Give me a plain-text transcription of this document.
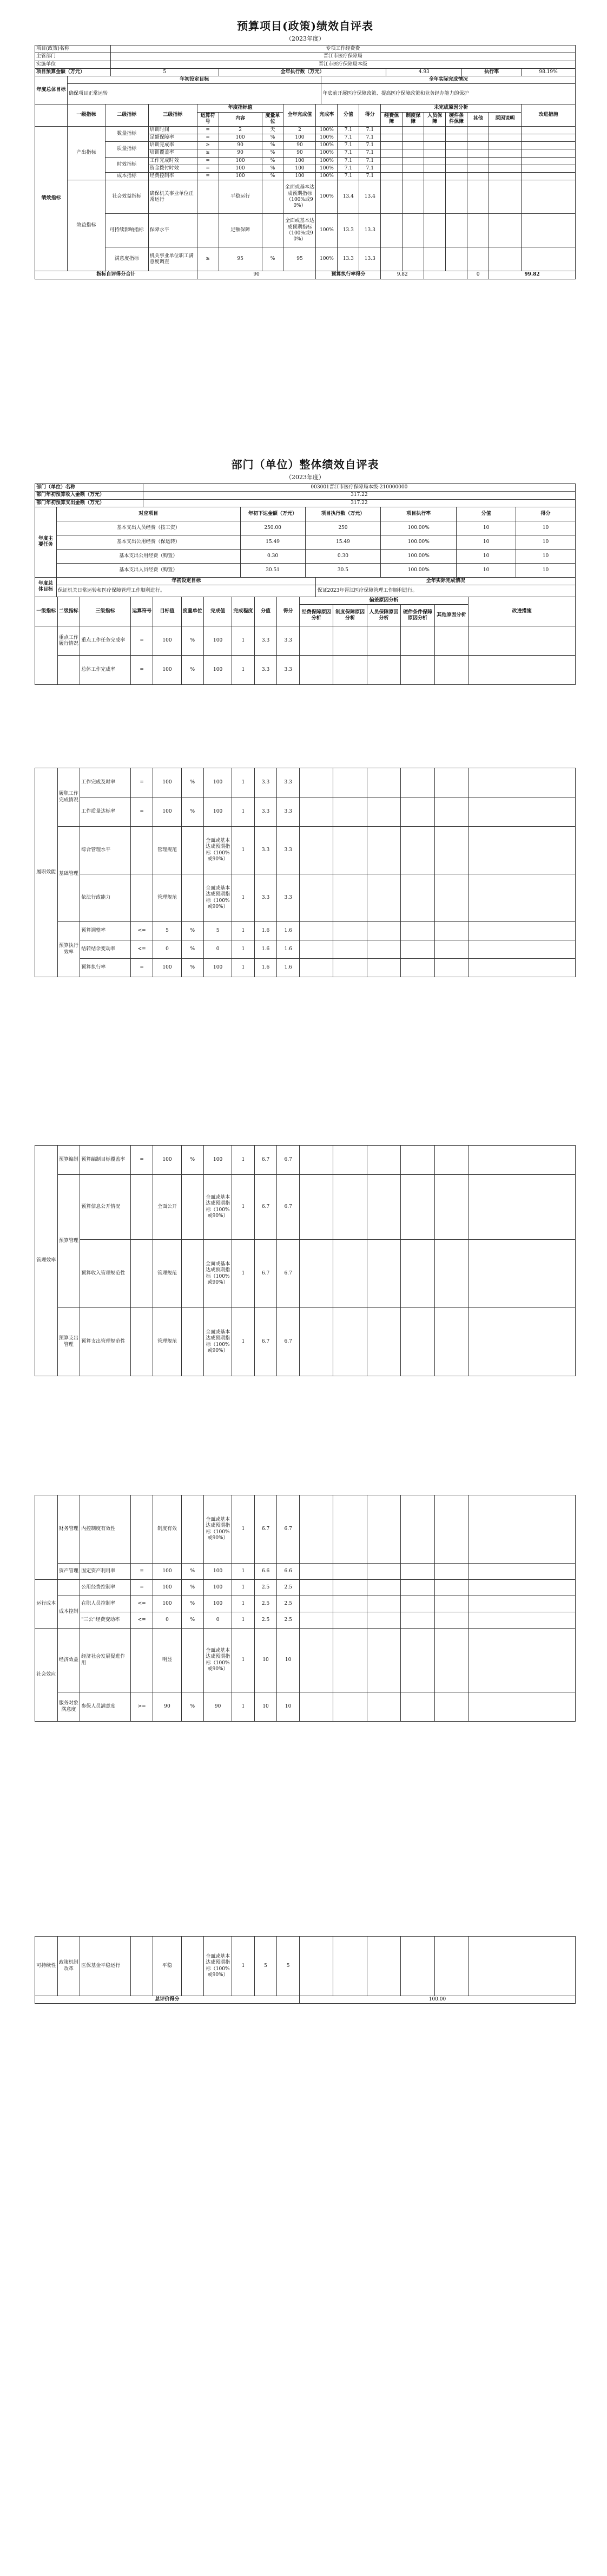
预算项目(政策)绩效自评表
（2023年度）
项目(政策)名称	专项工作经费费				
主管部门	晋江市医疗保障局				
实施单位	晋江市医疗保障局本级				
项目预算金额（万元）	5	全年执行数（万元）	4.93	执行率	98.19%
年度总体目标	年初设定目标	全年实际完成情况
	确保项目正常运转	年底前开展医疗保障政策、提高医疗保障政策和业务经办能力的保护
	一级指标	二级指标	三级指标	年度指标值			全年完成值	完成率	分值	得分	未完成原因分析						改进措施
				运算符号	内容	度量单位					经费保障	制度保障	人员保障	硬件条件保障	其他	原因说明	
绩效指标	产出指标	数量指标	培训时间	=	2	天	2	100%	7.1	7.1							
			足额保障率	=	100	%	100	100%	7.1	7.1							
		质量指标	培训完成率	≥	90	%	90	100%	7.1	7.1							
			培训覆盖率	≥	90	%	90	100%	7.1	7.1							
		时效指标	工作完成时效	=	100	%	100	100%	7.1	7.1							
			资金拨付时效	=	100	%	100	100%	7.1	7.1							
		成本指标	经费控制率	=	100	%	100	100%	7.1	7.1							
	效益指标	社会效益指标	确保机关事业单位正常运行		平稳运行		全面或基本达成预期指标（100%或90%）	100%	13.4	13.4							
		可持续影响指标	保障水平		足额保障		全面或基本达成预期指标（100%或90%）	100%	13.3	13.3							
		满意度指标	机关事业单位职工满意度调查	≥	95	%	95	100%	13.3	13.3							
指标自评得分合计				90				预算执行率得分			9.82				0	99.82	
部门（单位）整体绩效自评表
（2023年度）
部门（单位）名称	003001晋江市医疗保障局本级-210000000
部门年初预算收入金额（万元）	317.22
部门年初预算支出金额（万元）	317.22
年度主要任务	对应项目	年初下达金额（万元）	项目执行数（万元）	项目执行率	分值	得分
	基本支出人员经费（按工资）	250.00	250	100.00%	10	10
	基本支出公用经费（保运转）	15.49	15.49	100.00%	10	10
	基本支出公用经费（购置）	0.30	0.30	100.00%	10	10
	基本支出人员经费（购置）	30.51	30.5	100.00%	10	10
年度总体目标	年初设定目标	全年实际完成情况
	保证机关日常运转和医疗保障管理工作顺利进行。	保证2023年晋江医疗保障管理工作顺利进行。
一级指标	二级指标	三级指标	运算符号	目标值	度量单位	完成值	完成程度	分值	得分	偏差原因分析					改进措施
										经费保障原因分析	制度保障原因分析	人员保障原因分析	硬件条件保障原因分析	其他原因分析	
	重点工作履行情况	重点工作任务完成率	=	100	%	100	1	3.3	3.3						
		总体工作完成率	=	100	%	100	1	3.3	3.3						
履职效能	履职工作完成情况	工作完成及时率	=	100	%	100	1	3.3	3.3						
		工作质量达标率	=	100	%	100	1	3.3	3.3						
	基础管理	综合管理水平		管理规范		全面或基本达成预期指标（100%或90%）	1	3.3	3.3						
		依法行政能力		管理规范		全面或基本达成预期指标（100%或90%）	1	3.3	3.3						
	预算执行效率	预算调整率	<=	5	%	5	1	1.6	1.6						
		结转结余变动率	<=	0	%	0	1	1.6	1.6						
		预算执行率	=	100	%	100	1	1.6	1.6						
管理效率	预算编制	预算编制目标覆盖率	=	100	%	100	1	6.7	6.7						
	预算管理	预算信息公开情况		全面公开		全面或基本达成预期指标（100%或90%）	1	6.7	6.7						
		预算收入管理规范性		管理规范		全面或基本达成预期指标（100%或90%）	1	6.7	6.7						
	预算支出管理	预算支出管理规范性		管理规范		全面或基本达成预期指标（100%或90%）	1	6.7	6.7						
	财务管理	内控制度有效性		制度有效		全面或基本达成预期指标（100%或90%）	1	6.7	6.7						
	资产管理	固定资产利用率	=	100	%	100	1	6.6	6.6						
运行成本		公用经费控制率	=	100	%	100	1	2.5	2.5						
	成本控制	在职人员控制率	<=	100	%	100	1	2.5	2.5						
		"三公"经费变动率	<=	0	%	0	1	2.5	2.5						
社会效应	经济效益	经济社会发展促进作用		明显		全面或基本达成预期指标（100%或90%）	1	10	10						
	服务对象满意度	参保人员满意度	>=	90	%	90	1	10	10						
可持续性	政策机制改革	医保基金平稳运行		平稳		全面或基本达成预期指标（100%或90%）	1	5	5						
总评价得分										100.00					
